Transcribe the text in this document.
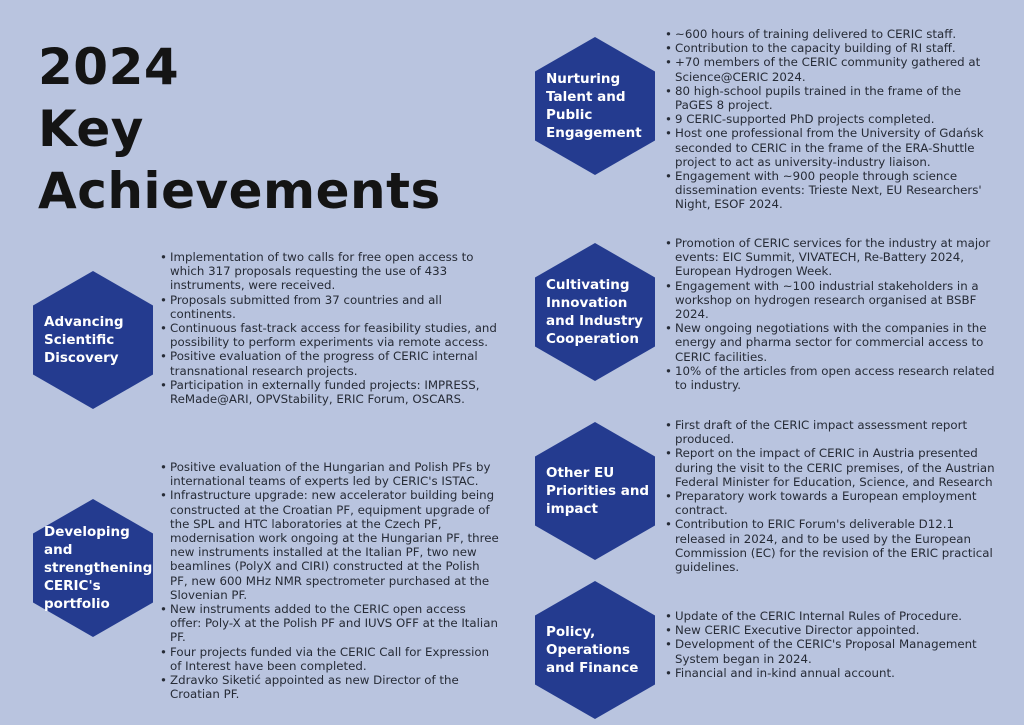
2024
Key
Achievements
Advancing Scientific Discovery
• Implementation of two calls for free open access to which 317 proposals requesting the use of 433 instruments, were received.
• Proposals submitted from 37 countries and all continents.
• Continuous fast-track access for feasibility studies, and possibility to perform experiments via remote access.
• Positive evaluation of the progress of CERIC internal transnational research projects.
• Participation in externally funded projects: IMPRESS, ReMade@ARI, OPVStability, ERIC Forum, OSCARS.
Developing and strengthening CERIC's portfolio
• Positive evaluation of the Hungarian and Polish PFs by international teams of experts led by CERIC's ISTAC.
• Infrastructure upgrade: new accelerator building being constructed at the Croatian PF, equipment upgrade of the SPL and HTC laboratories at the Czech PF, modernisation work ongoing at the Hungarian PF, three new instruments installed at the Italian PF, two new beamlines (PolyX and CIRI) constructed at the Polish PF, new 600 MHz NMR spectrometer purchased at the Slovenian PF.
• New instruments added to the CERIC open access offer: Poly-X at the Polish PF and IUVS OFF at the Italian PF.
• Four projects funded via the CERIC Call for Expression of Interest have been completed.
• Zdravko Siketić appointed as new Director of the Croatian PF.
Nurturing Talent and Public Engagement
• ~600 hours of training delivered to CERIC staff.
• Contribution to the capacity building of RI staff.
• +70 members of the CERIC community gathered at Science@CERIC 2024.
• 80 high-school pupils trained in the frame of the PaGES 8 project.
• 9 CERIC-supported PhD projects completed.
• Host one professional from the University of Gdańsk seconded to CERIC in the frame of the ERA-Shuttle project to act as university-industry liaison.
• Engagement with ~900 people through science dissemination events: Trieste Next, EU Researchers' Night, ESOF 2024.
Cultivating Innovation and Industry Cooperation
• Promotion of CERIC services for the industry at major events: EIC Summit, VIVATECH, Re-Battery 2024, European Hydrogen Week.
• Engagement with ~100 industrial stakeholders in a workshop on hydrogen research organised at BSBF 2024.
• New ongoing negotiations with the companies in the energy and pharma sector for commercial access to CERIC facilities.
• 10% of the articles from open access research related to industry.
Other EU Priorities and impact
• First draft of the CERIC impact assessment report produced.
• Report on the impact of CERIC in Austria presented during the visit to the CERIC premises, of the Austrian Federal Minister for Education, Science, and Research
• Preparatory work towards a European employment contract.
• Contribution to ERIC Forum's deliverable D12.1 released in 2024, and to be used by the European Commission (EC) for the revision of the ERIC practical guidelines.
Policy, Operations and Finance
• Update of the CERIC Internal Rules of Procedure.
• New CERIC Executive Director appointed.
• Development of the CERIC's Proposal Management System began in 2024.
• Financial and in-kind annual account.
